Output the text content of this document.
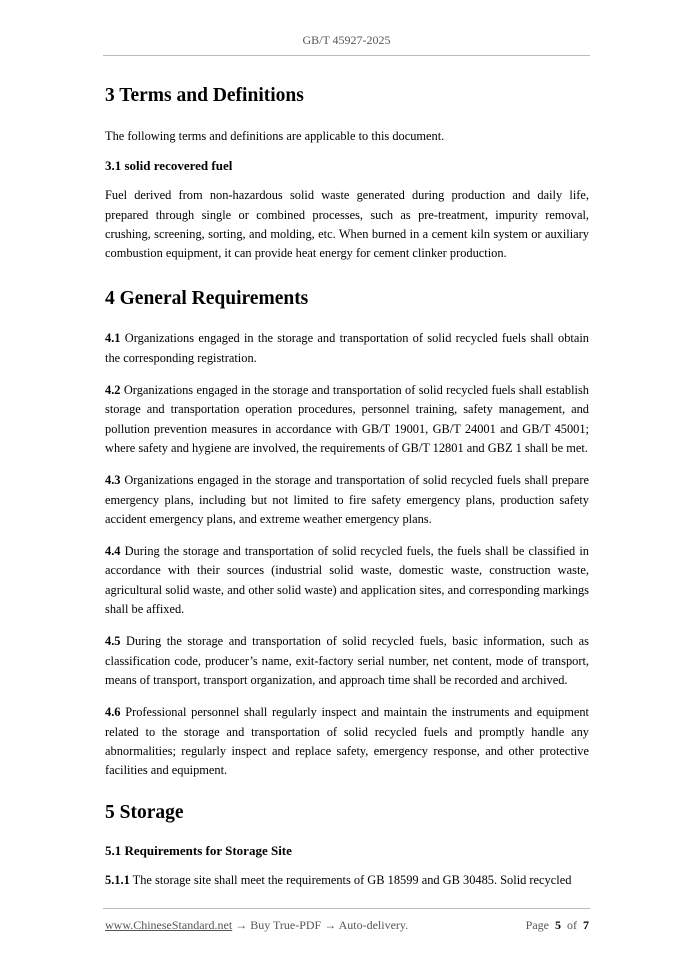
GB/T 45927-2025
3 Terms and Definitions

The following terms and definitions are applicable to this document.

3.1 solid recovered fuel

Fuel derived from non-hazardous solid waste generated during production and daily life, prepared through single or combined processes, such as pre-treatment, impurity removal, crushing, screening, sorting, and molding, etc. When burned in a cement kiln system or auxiliary combustion equipment, it can provide heat energy for cement clinker production.

4 General Requirements

4.1 Organizations engaged in the storage and transportation of solid recycled fuels shall obtain the corresponding registration.

4.2 Organizations engaged in the storage and transportation of solid recycled fuels shall establish storage and transportation operation procedures, personnel training, safety management, and pollution prevention measures in accordance with GB/T 19001, GB/T 24001 and GB/T 45001; where safety and hygiene are involved, the requirements of GB/T 12801 and GBZ 1 shall be met.

4.3 Organizations engaged in the storage and transportation of solid recycled fuels shall prepare emergency plans, including but not limited to fire safety emergency plans, production safety accident emergency plans, and extreme weather emergency plans.

4.4 During the storage and transportation of solid recycled fuels, the fuels shall be classified in accordance with their sources (industrial solid waste, domestic waste, construction waste, agricultural solid waste, and other solid waste) and application sites, and corresponding markings shall be affixed.

4.5 During the storage and transportation of solid recycled fuels, basic information, such as classification code, producer’s name, exit-factory serial number, net content, mode of transport, means of transport, transport organization, and approach time shall be recorded and archived.

4.6 Professional personnel shall regularly inspect and maintain the instruments and equipment related to the storage and transportation of solid recycled fuels and promptly handle any abnormalities; regularly inspect and replace safety, emergency response, and other protective facilities and equipment.

5 Storage
5.1 Requirements for Storage Site

5.1.1 The storage site shall meet the requirements of GB 18599 and GB 30485. Solid recycled

www.ChineseStandard.net → Buy True-PDF → Auto-delivery.	Page 5 of 7
